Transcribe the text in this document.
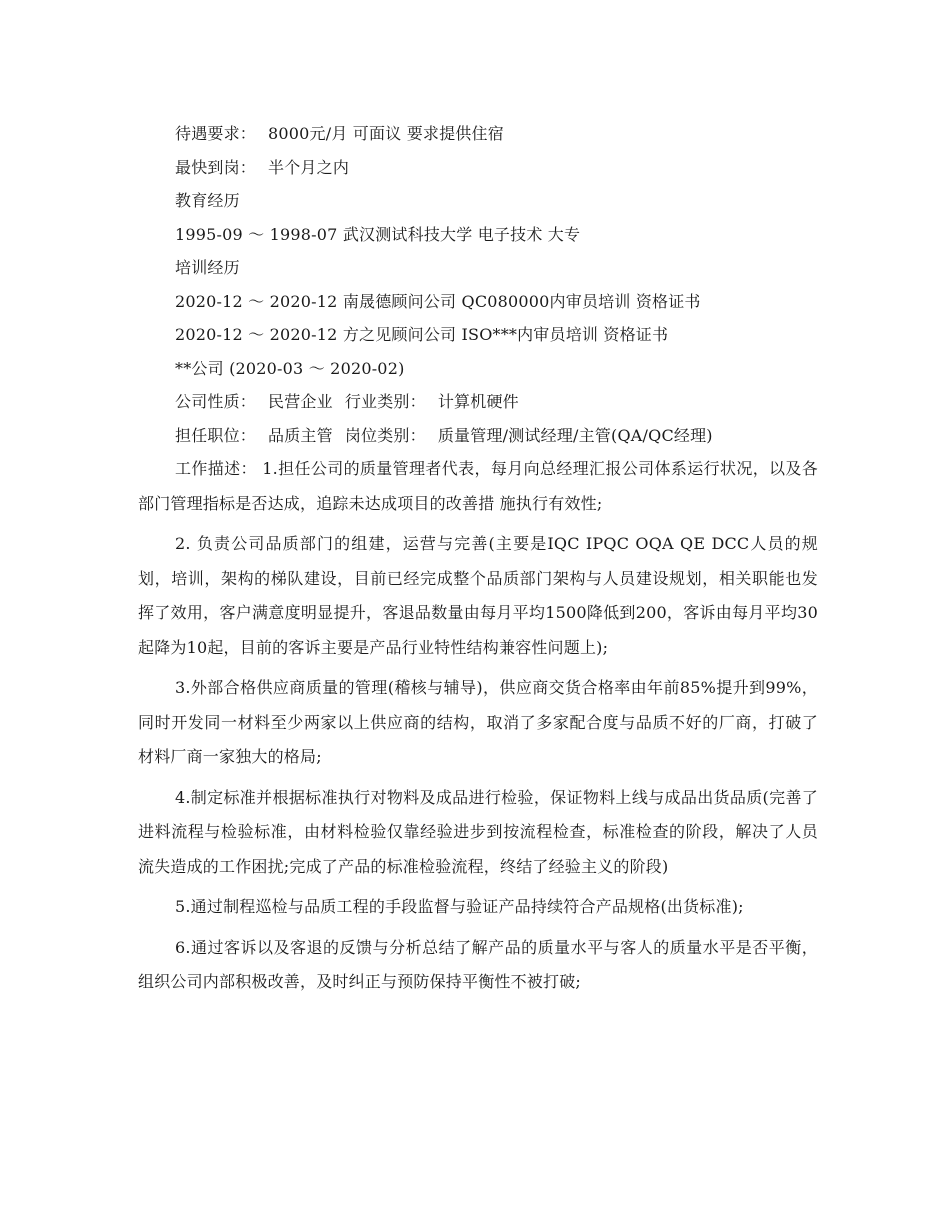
待遇要求： 8000元/月 可面议 要求提供住宿
最快到岗： 半个月之内
教育经历
1995-09 ～ 1998-07 武汉测试科技大学 电子技术 大专
培训经历
2020-12 ～ 2020-12 南晟德顾问公司 QC080000内审员培训 资格证书
2020-12 ～ 2020-12 方之见顾问公司 ISO***内审员培训 资格证书
**公司 (2020-03 ～ 2020-02)
公司性质： 民营企业 行业类别： 计算机硬件
担任职位： 品质主管 岗位类别： 质量管理/测试经理/主管(QA/QC经理)

工作描述： 1.担任公司的质量管理者代表，每月向总经理汇报公司体系运行状况，以及各部门管理指标是否达成，追踪未达成项目的改善措 施执行有效性;

2. 负责公司品质部门的组建，运营与完善(主要是IQC IPQC OQA QE DCC人员的规划，培训，架构的梯队建设，目前已经完成整个品质部门架构与人员建设规划，相关职能也发挥了效用，客户满意度明显提升，客退品数量由每月平均1500降低到200，客诉由每月平均30起降为10起，目前的客诉主要是产品行业特性结构兼容性问题上);

3.外部合格供应商质量的管理(稽核与辅导)，供应商交货合格率由年前85%提升到99%，同时开发同一材料至少两家以上供应商的结构，取消了多家配合度与品质不好的厂商，打破了材料厂商一家独大的格局;

4.制定标准并根据标准执行对物料及成品进行检验，保证物料上线与成品出货品质(完善了进料流程与检验标准，由材料检验仅靠经验进步到按流程检查，标准检查的阶段，解决了人员流失造成的工作困扰;完成了产品的标准检验流程，终结了经验主义的阶段)

5.通过制程巡检与品质工程的手段监督与验证产品持续符合产品规格(出货标准);

6.通过客诉以及客退的反馈与分析总结了解产品的质量水平与客人的质量水平是否平衡，组织公司内部积极改善，及时纠正与预防保持平衡性不被打破;
